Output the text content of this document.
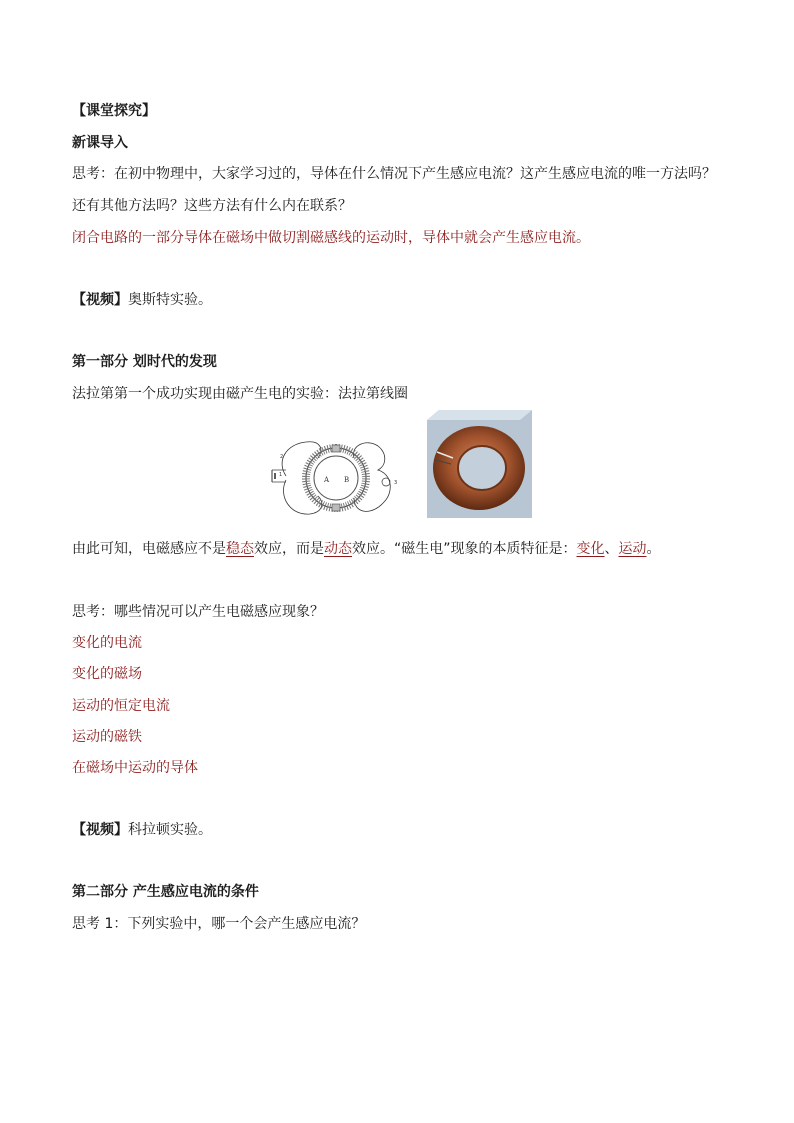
【课堂探究】
新课导入
思考：在初中物理中，大家学习过的，导体在什么情况下产生感应电流？这产生感应电流的唯一方法吗？
还有其他方法吗？这些方法有什么内在联系？
闭合电路的一部分导体在磁场中做切割磁感线的运动时，导体中就会产生感应电流。
【视频】奥斯特实验。
第一部分 划时代的发现
法拉第第一个成功实现由磁产生电的实验：法拉第线圈
A B
1
2
3
由此可知，电磁感应不是稳态效应，而是动态效应。“磁生电”现象的本质特征是：变化、运动。
思考：哪些情况可以产生电磁感应现象？
变化的电流
变化的磁场
运动的恒定电流
运动的磁铁
在磁场中运动的导体
【视频】科拉顿实验。
第二部分 产生感应电流的条件
思考 1：下列实验中，哪一个会产生感应电流？
